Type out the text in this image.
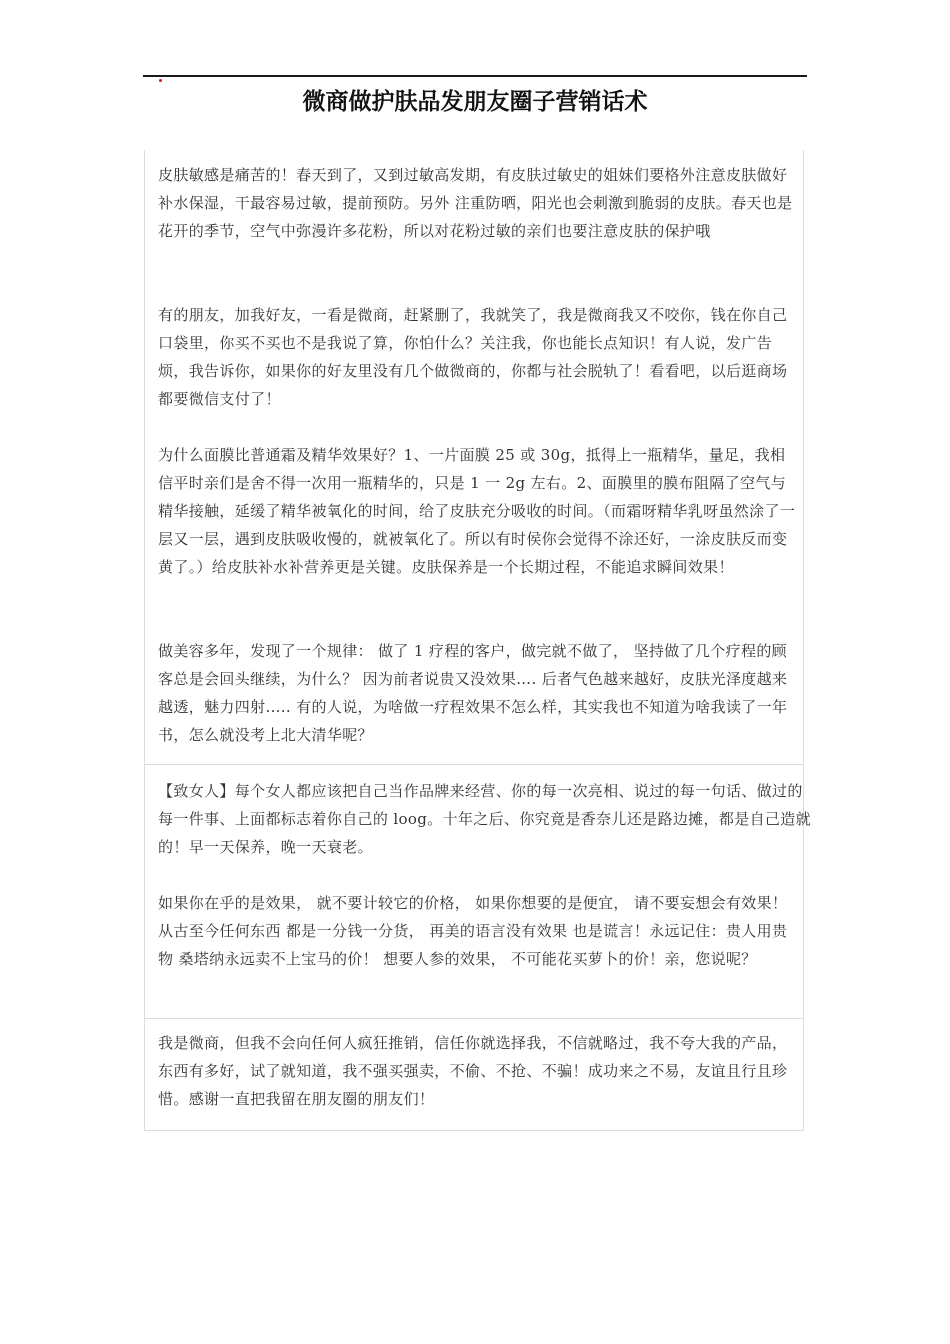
微商做护肤品发朋友圈子营销话术

皮肤敏感是痛苦的！春天到了，又到过敏高发期，有皮肤过敏史的姐妹们要格外注意皮肤做好补水保湿，干最容易过敏，提前预防。另外 注重防晒，阳光也会刺激到脆弱的皮肤。春天也是花开的季节，空气中弥漫许多花粉，所以对花粉过敏的亲们也要注意皮肤的保护哦

有的朋友，加我好友，一看是微商，赶紧删了，我就笑了，我是微商我又不咬你，钱在你自己口袋里，你买不买也不是我说了算，你怕什么？关注我，你也能长点知识！有人说，发广告烦，我告诉你，如果你的好友里没有几个做微商的，你都与社会脱轨了！看看吧，以后逛商场都要微信支付了！

为什么面膜比普通霜及精华效果好？1、一片面膜 25 或 30g，抵得上一瓶精华，量足，我相信平时亲们是舍不得一次用一瓶精华的，只是 1 一 2g 左右。2、面膜里的膜布阻隔了空气与精华接触，延缓了精华被氧化的时间，给了皮肤充分吸收的时间。（而霜呀精华乳呀虽然涂了一层又一层，遇到皮肤吸收慢的，就被氧化了。所以有时侯你会觉得不涂还好，一涂皮肤反而变黄了。）给皮肤补水补营养更是关键。皮肤保养是一个长期过程，不能追求瞬间效果！

做美容多年，发现了一个规律： 做了 1 疗程的客户，做完就不做了， 坚持做了几个疗程的顾客总是会回头继续，为什么？ 因为前者说贵又没效果…. 后者气色越来越好，皮肤光泽度越来越透，魅力四射..... 有的人说，为啥做一疗程效果不怎么样，其实我也不知道为啥我读了一年书，怎么就没考上北大清华呢？

【致女人】每个女人都应该把自己当作品牌来经营、你的每一次亮相、说过的每一句话、做过的每一件事、上面都标志着你自己的 loog。十年之后、你究竟是香奈儿还是路边摊，都是自己造就的！早一天保养，晚一天衰老。

如果你在乎的是效果， 就不要计较它的价格， 如果你想要的是便宜， 请不要妄想会有效果！ 从古至今任何东西 都是一分钱一分货， 再美的语言没有效果 也是谎言！永远记住：贵人用贵物 桑塔纳永远卖不上宝马的价！ 想要人参的效果， 不可能花买萝卜的价！亲，您说呢？

我是微商，但我不会向任何人疯狂推销，信任你就选择我，不信就略过，我不夸大我的产品，东西有多好，试了就知道，我不强买强卖，不偷、不抢、不骗！成功来之不易，友谊且行且珍惜。感谢一直把我留在朋友圈的朋友们！
